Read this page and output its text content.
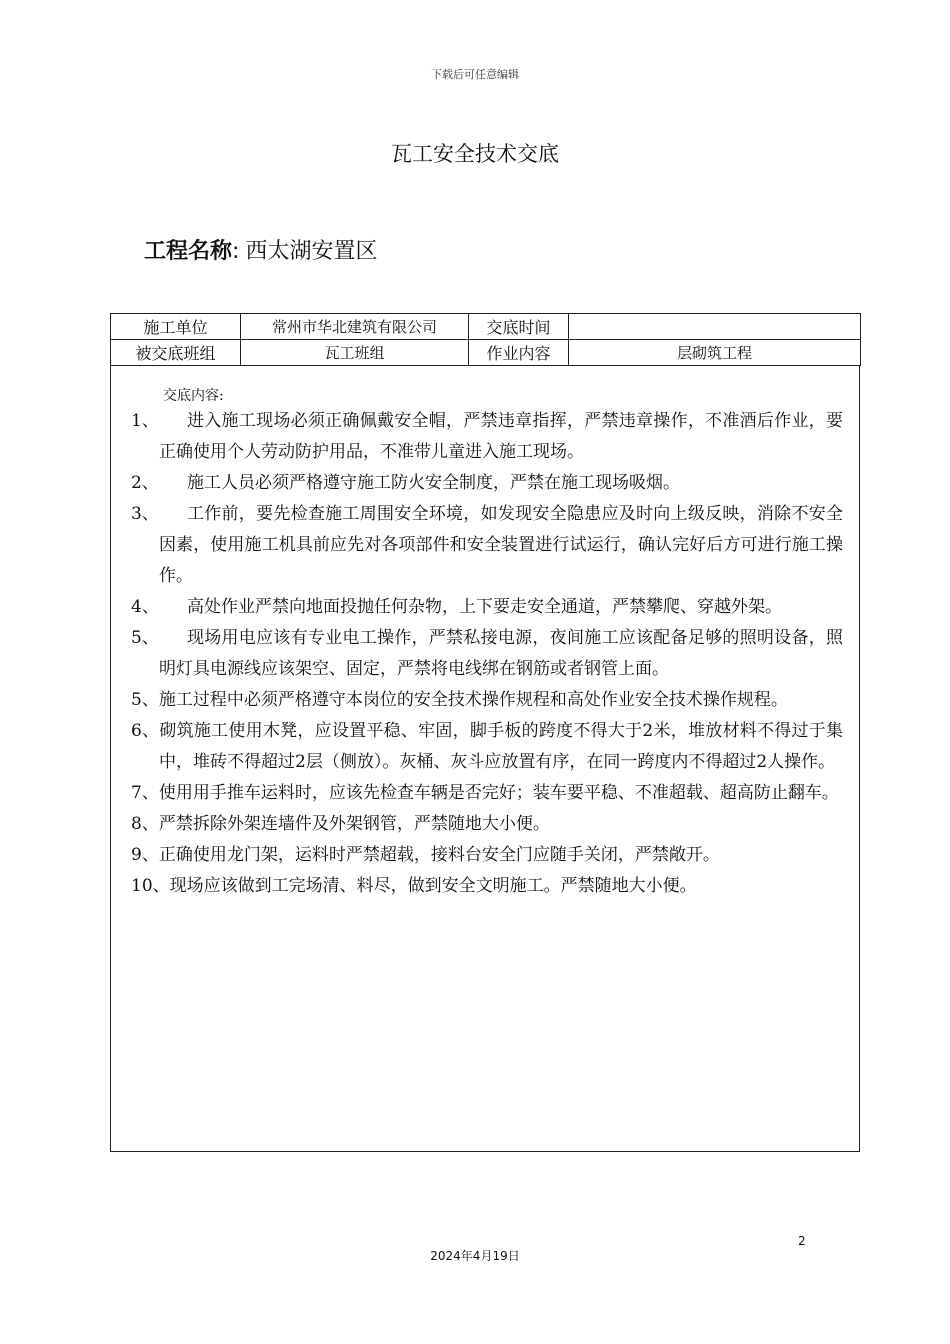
下载后可任意编辑
瓦工安全技术交底
工程名称: 西太湖安置区
施工单位	常州市华北建筑有限公司	交底时间	
被交底班组	瓦工班组	作业内容	层砌筑工程
交底内容:
1、	进入施工现场必须正确佩戴安全帽，严禁违章指挥，严禁违章操作，不准酒后作业，要正确使用个人劳动防护用品，不准带儿童进入施工现场。
2、	施工人员必须严格遵守施工防火安全制度，严禁在施工现场吸烟。
3、	工作前，要先检查施工周围安全环境，如发现安全隐患应及时向上级反映，消除不安全因素，使用施工机具前应先对各项部件和安全装置进行试运行，确认完好后方可进行施工操作。
4、	高处作业严禁向地面投抛任何杂物，上下要走安全通道，严禁攀爬、穿越外架。
5、	现场用电应该有专业电工操作，严禁私接电源，夜间施工应该配备足够的照明设备，照明灯具电源线应该架空、固定，严禁将电线绑在钢筋或者钢管上面。
5、施工过程中必须严格遵守本岗位的安全技术操作规程和高处作业安全技术操作规程。
6、砌筑施工使用木凳，应设置平稳、牢固，脚手板的跨度不得大于2米，堆放材料不得过于集中，堆砖不得超过2层（侧放）。灰桶、灰斗应放置有序，在同一跨度内不得超过2人操作。
7、使用用手推车运料时，应该先检查车辆是否完好；装车要平稳、不准超载、超高防止翻车。
8、严禁拆除外架连墙件及外架钢管，严禁随地大小便。
9、正确使用龙门架，运料时严禁超载，接料台安全门应随手关闭，严禁敞开。
10、现场应该做到工完场清、料尽，做到安全文明施工。严禁随地大小便。
2
2024年4月19日
